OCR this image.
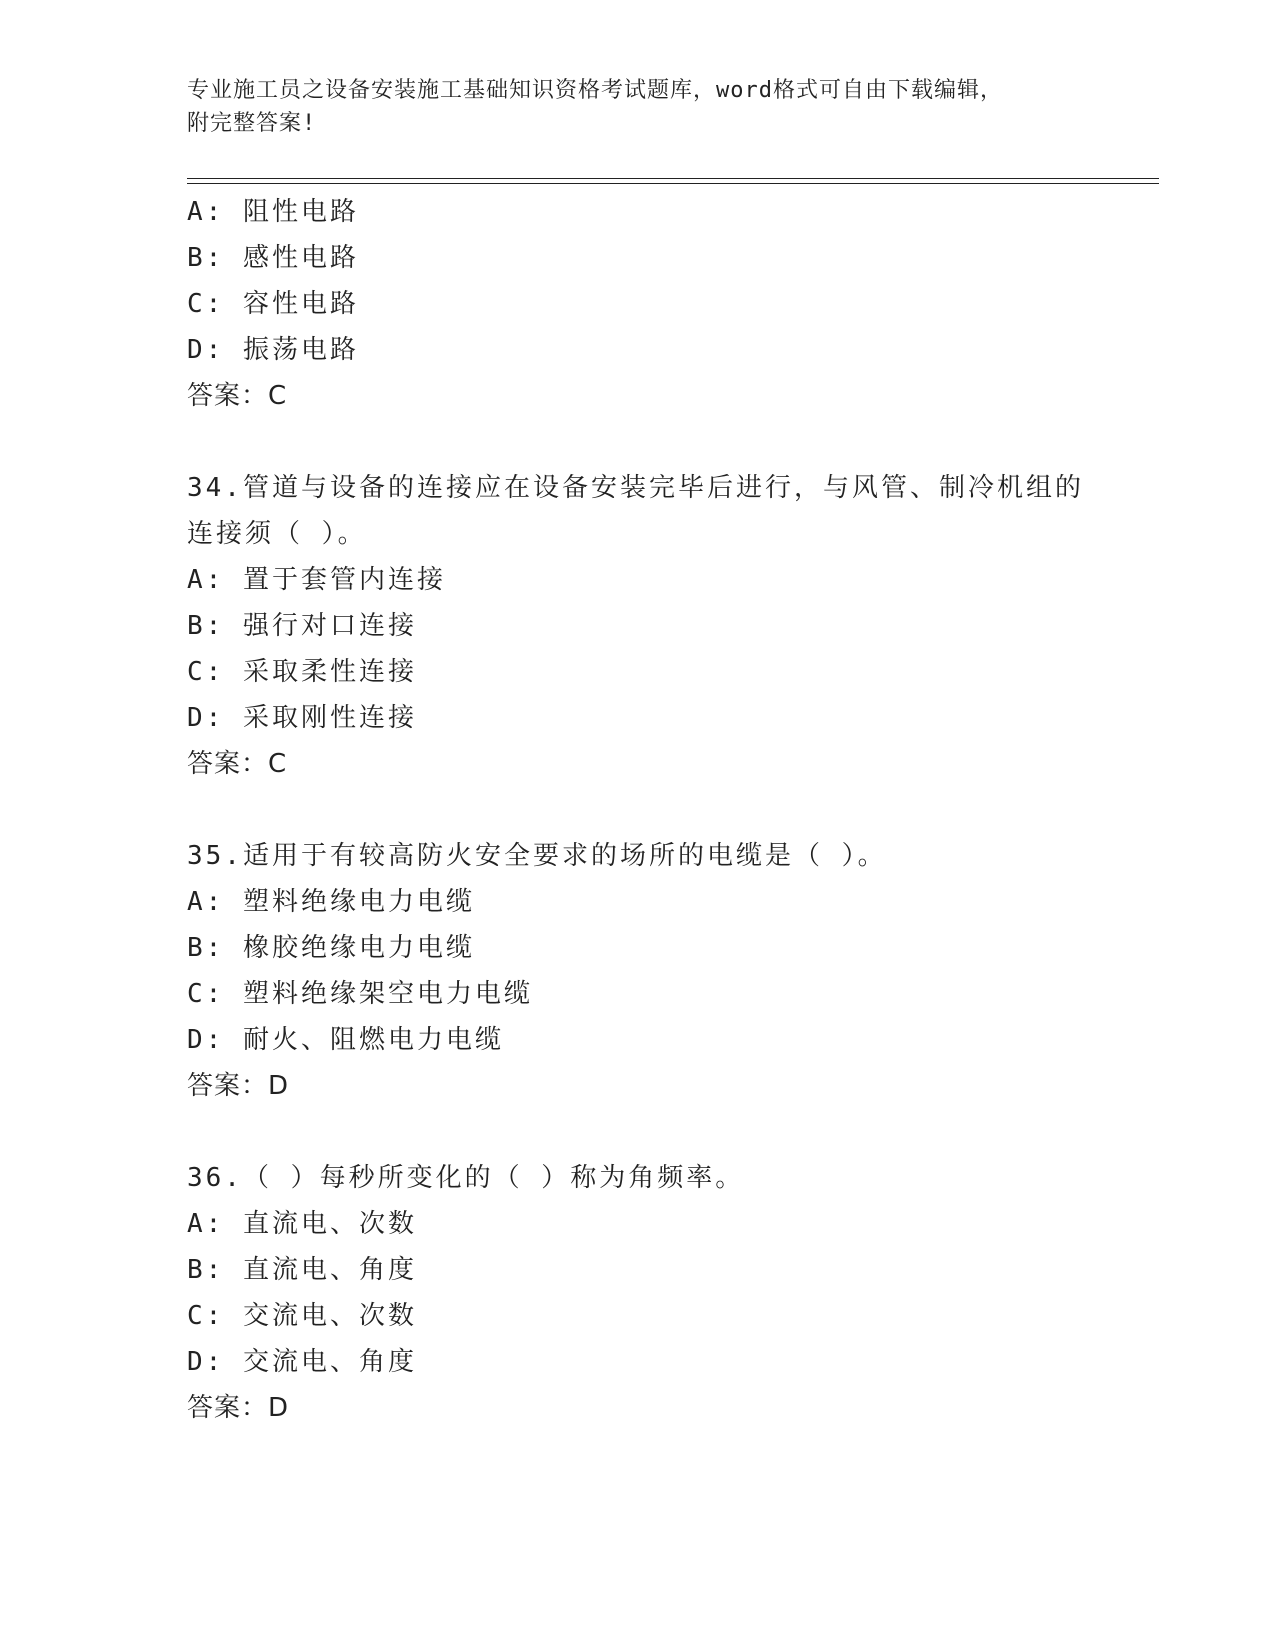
专业施工员之设备安装施工基础知识资格考试题库，word格式可自由下载编辑，
附完整答案!
A: 阻性电路
B: 感性电路
C: 容性电路
D: 振荡电路
答案：C
34.管道与设备的连接应在设备安装完毕后进行，与风管、制冷机组的
连接须（ ）。
A: 置于套管内连接
B: 强行对口连接
C: 采取柔性连接
D: 采取刚性连接
答案：C
35.适用于有较高防火安全要求的场所的电缆是（ ）。
A: 塑料绝缘电力电缆
B: 橡胶绝缘电力电缆
C: 塑料绝缘架空电力电缆
D: 耐火、阻燃电力电缆
答案：D
36.（ ）每秒所变化的（ ）称为角频率。
A: 直流电、次数
B: 直流电、角度
C: 交流电、次数
D: 交流电、角度
答案：D
